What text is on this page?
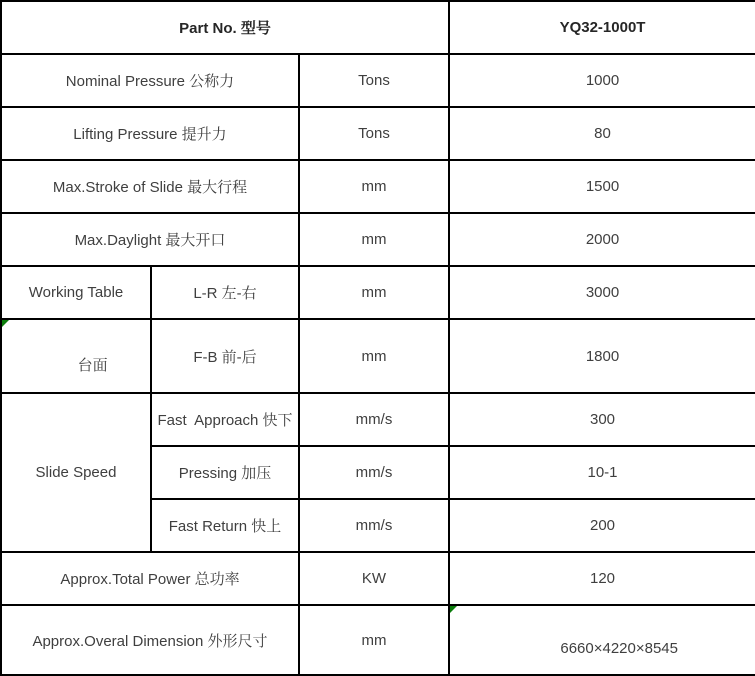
Part No. 型号			YQ32-1000T
Nominal Pressure 公称力		Tons	1000
Lifting Pressure 提升力		Tons	80
Max.Stroke of Slide 最大行程		mm	1500
Max.Daylight 最大开口		mm	2000
Working Table	L-R 左-右	mm	3000

台面	F-B 前-后	mm	1800
Slide Speed	Fast  Approach 快下	mm/s	300
	Pressing 加压	mm/s	10-1
	Fast Return 快上	mm/s	200
Approx.Total Power 总功率		KW	120
Approx.Overal Dimension 外形尺寸		mm	6660×4220×8545
